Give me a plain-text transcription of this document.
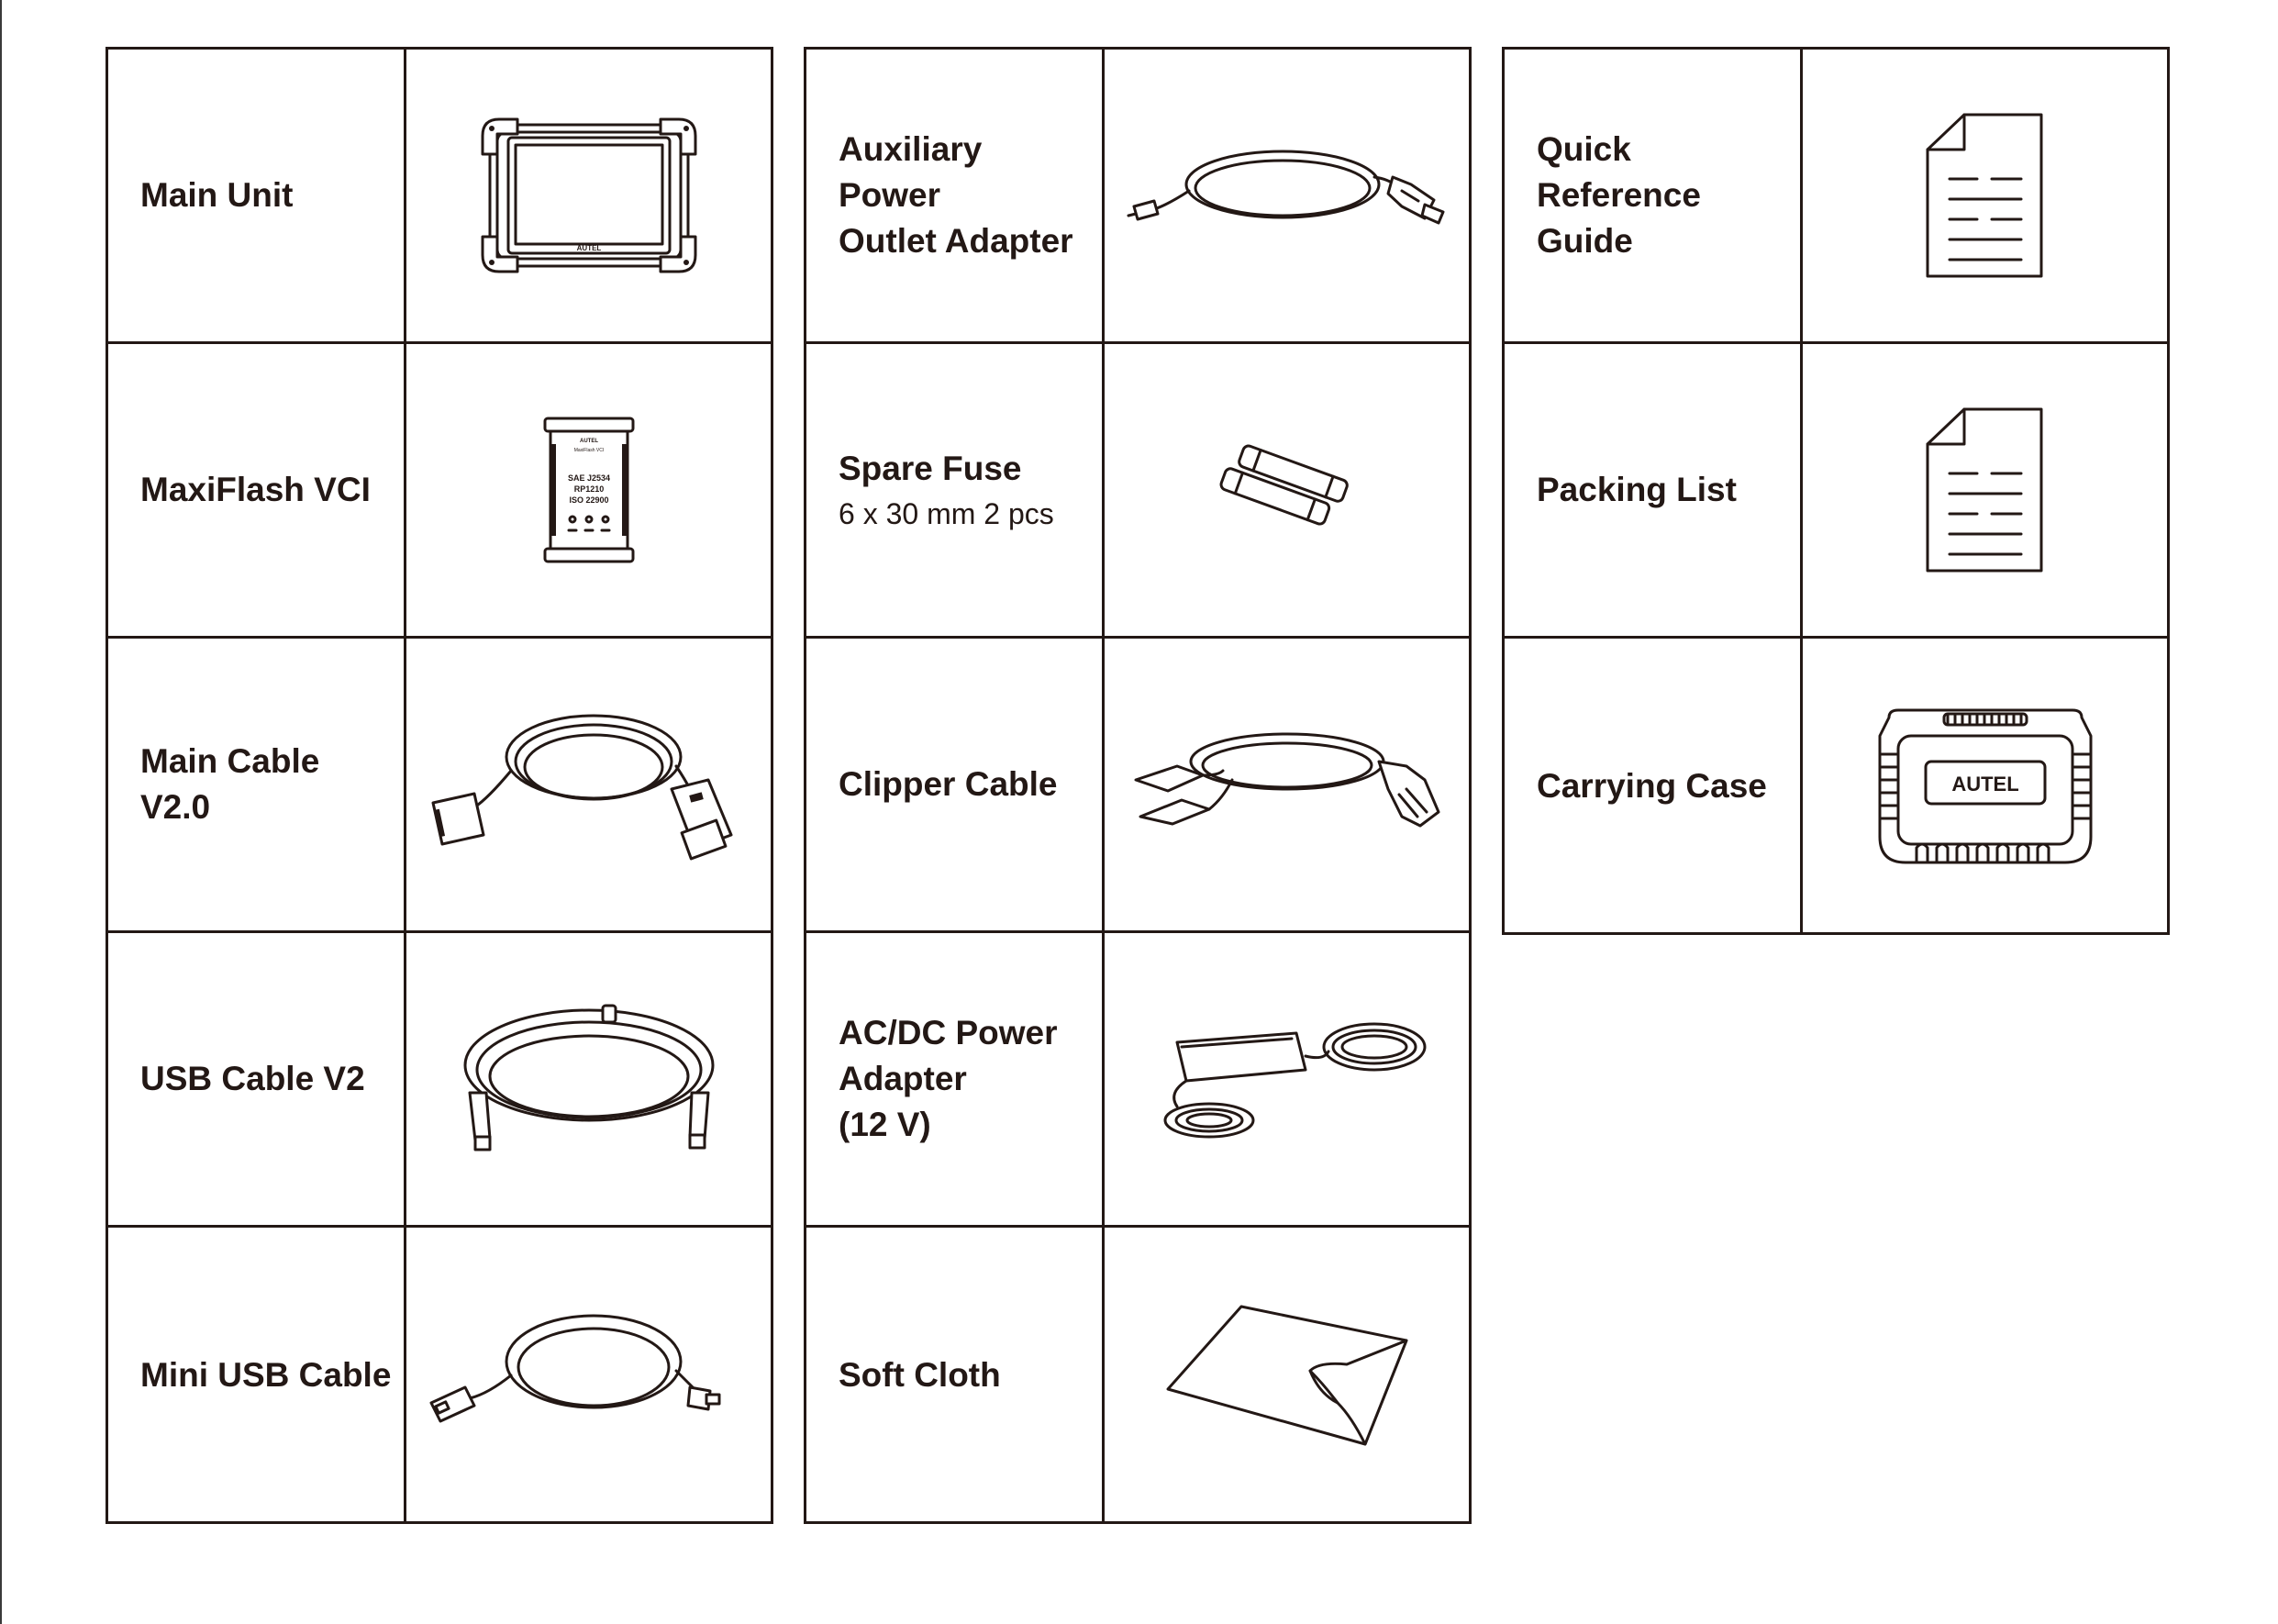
Main Unit
AUTEL
MaxiFlash VCI
AUTEL
MaxiFlash VCI
SAE J2534
RP1210
ISO 22900
Main Cable
V2.0
USB Cable V2
Mini USB Cable
Auxiliary Power
Outlet Adapter
Spare Fuse
6 x 30 mm 2 pcs
Clipper Cable
AC/DC Power
Adapter
(12 V)
Soft Cloth
Quick
Reference
Guide
Packing List
Carrying Case	AUTEL
